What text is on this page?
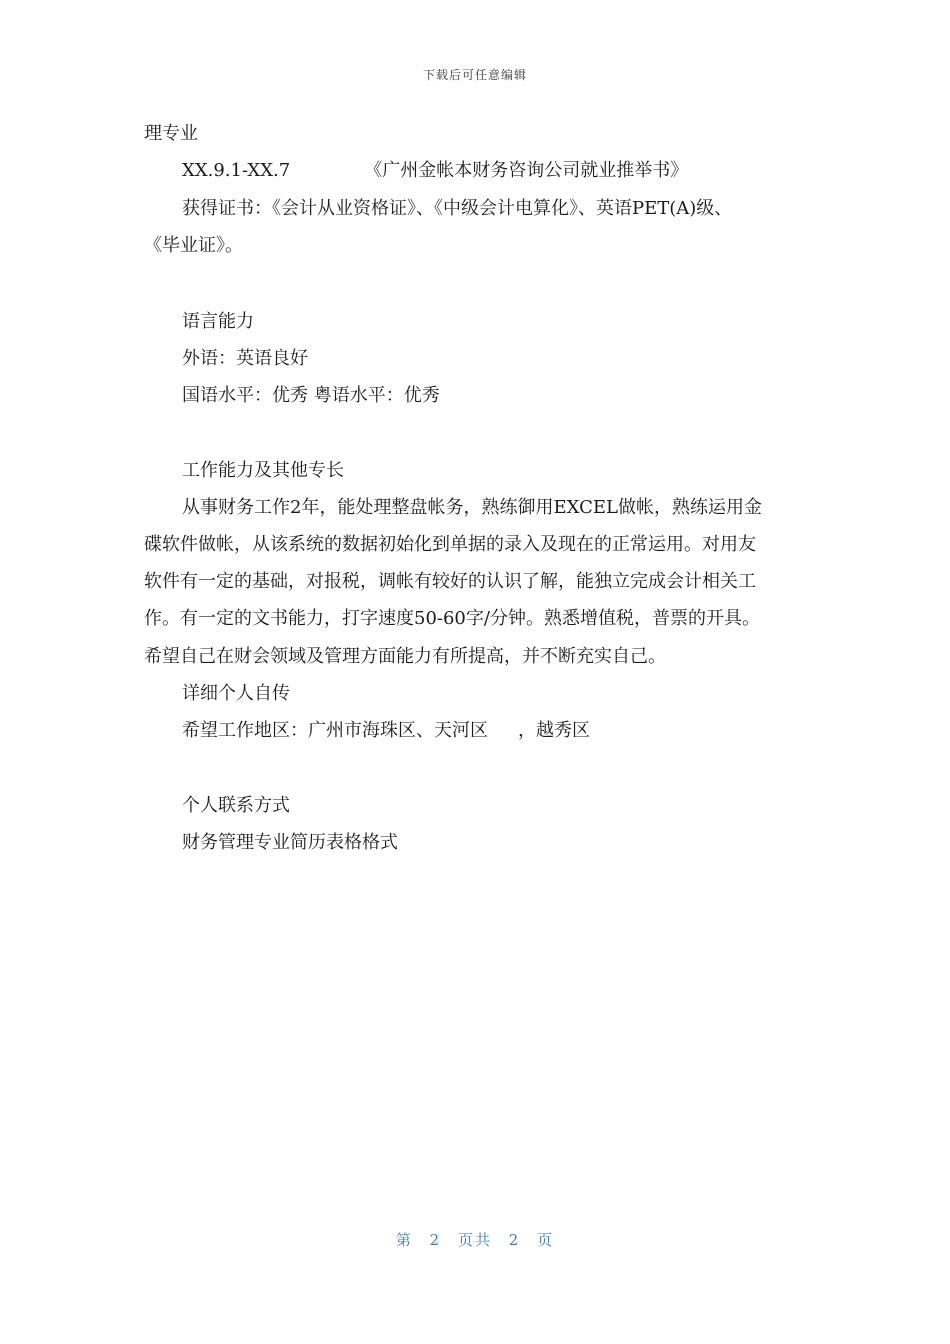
下载后可任意编辑
理专业
XX.9.1-XX.7	《广州金帐本财务咨询公司就业推举书》
获得证书：《会计从业资格证》、《中级会计电算化》、英语PET(A)级、
《毕业证》。
语言能力
外语：英语良好
国语水平：优秀 粤语水平：优秀
工作能力及其他专长
从事财务工作2年，能处理整盘帐务，熟练御用EXCEL做帐，熟练运用金
碟软件做帐，从该系统的数据初始化到单据的录入及现在的正常运用。对用友
软件有一定的基础，对报税，调帐有较好的认识了解，能独立完成会计相关工
作。有一定的文书能力，打字速度50-60字/分钟。熟悉增值税，普票的开具。
希望自己在财会领域及管理方面能力有所提高，并不断充实自己。
详细个人自传
希望工作地区：广州市海珠区、天河区 ，越秀区
个人联系方式
财务管理专业简历表格格式
第 2 页共 2 页
